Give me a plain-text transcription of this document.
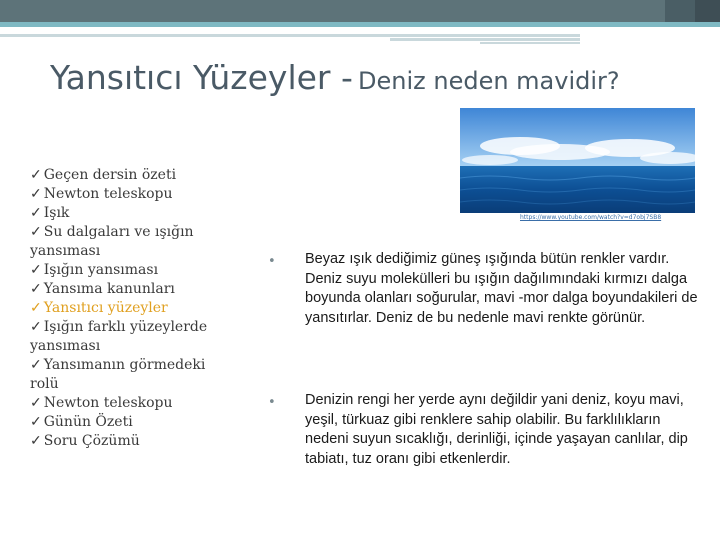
Yansıtıcı Yüzeyler - Deniz neden mavidir?
https://www.youtube.com/watch?v=d7obj7SB8
✓ Geçen dersin özeti
✓ Newton teleskopu
✓ Işık
✓ Su dalgaları ve ışığın yansıması
✓ Işığın yansıması
✓ Yansıma kanunları
✓ Yansıtıcı yüzeyler
✓ Işığın farklı yüzeylerde yansıması
✓ Yansımanın görmedeki rolü
✓ Newton teleskopu
✓ Günün Özeti
✓ Soru Çözümü
• Beyaz ışık dediğimiz güneş ışığında bütün renkler vardır. Deniz suyu molekülleri bu ışığın dağılımındaki kırmızı dalga boyunda olanları soğurular, mavi -mor dalga boyundakileri de yansıtırlar. Deniz de bu nedenle mavi renkte görünür.
• Denizin rengi her yerde aynı değildir yani deniz, koyu mavi, yeşil, türkuaz gibi renklere sahip olabilir. Bu farklılıkların nedeni suyun sıcaklığı, derinliği, içinde yaşayan canlılar, dip tabiatı, tuz oranı gibi etkenlerdir.
